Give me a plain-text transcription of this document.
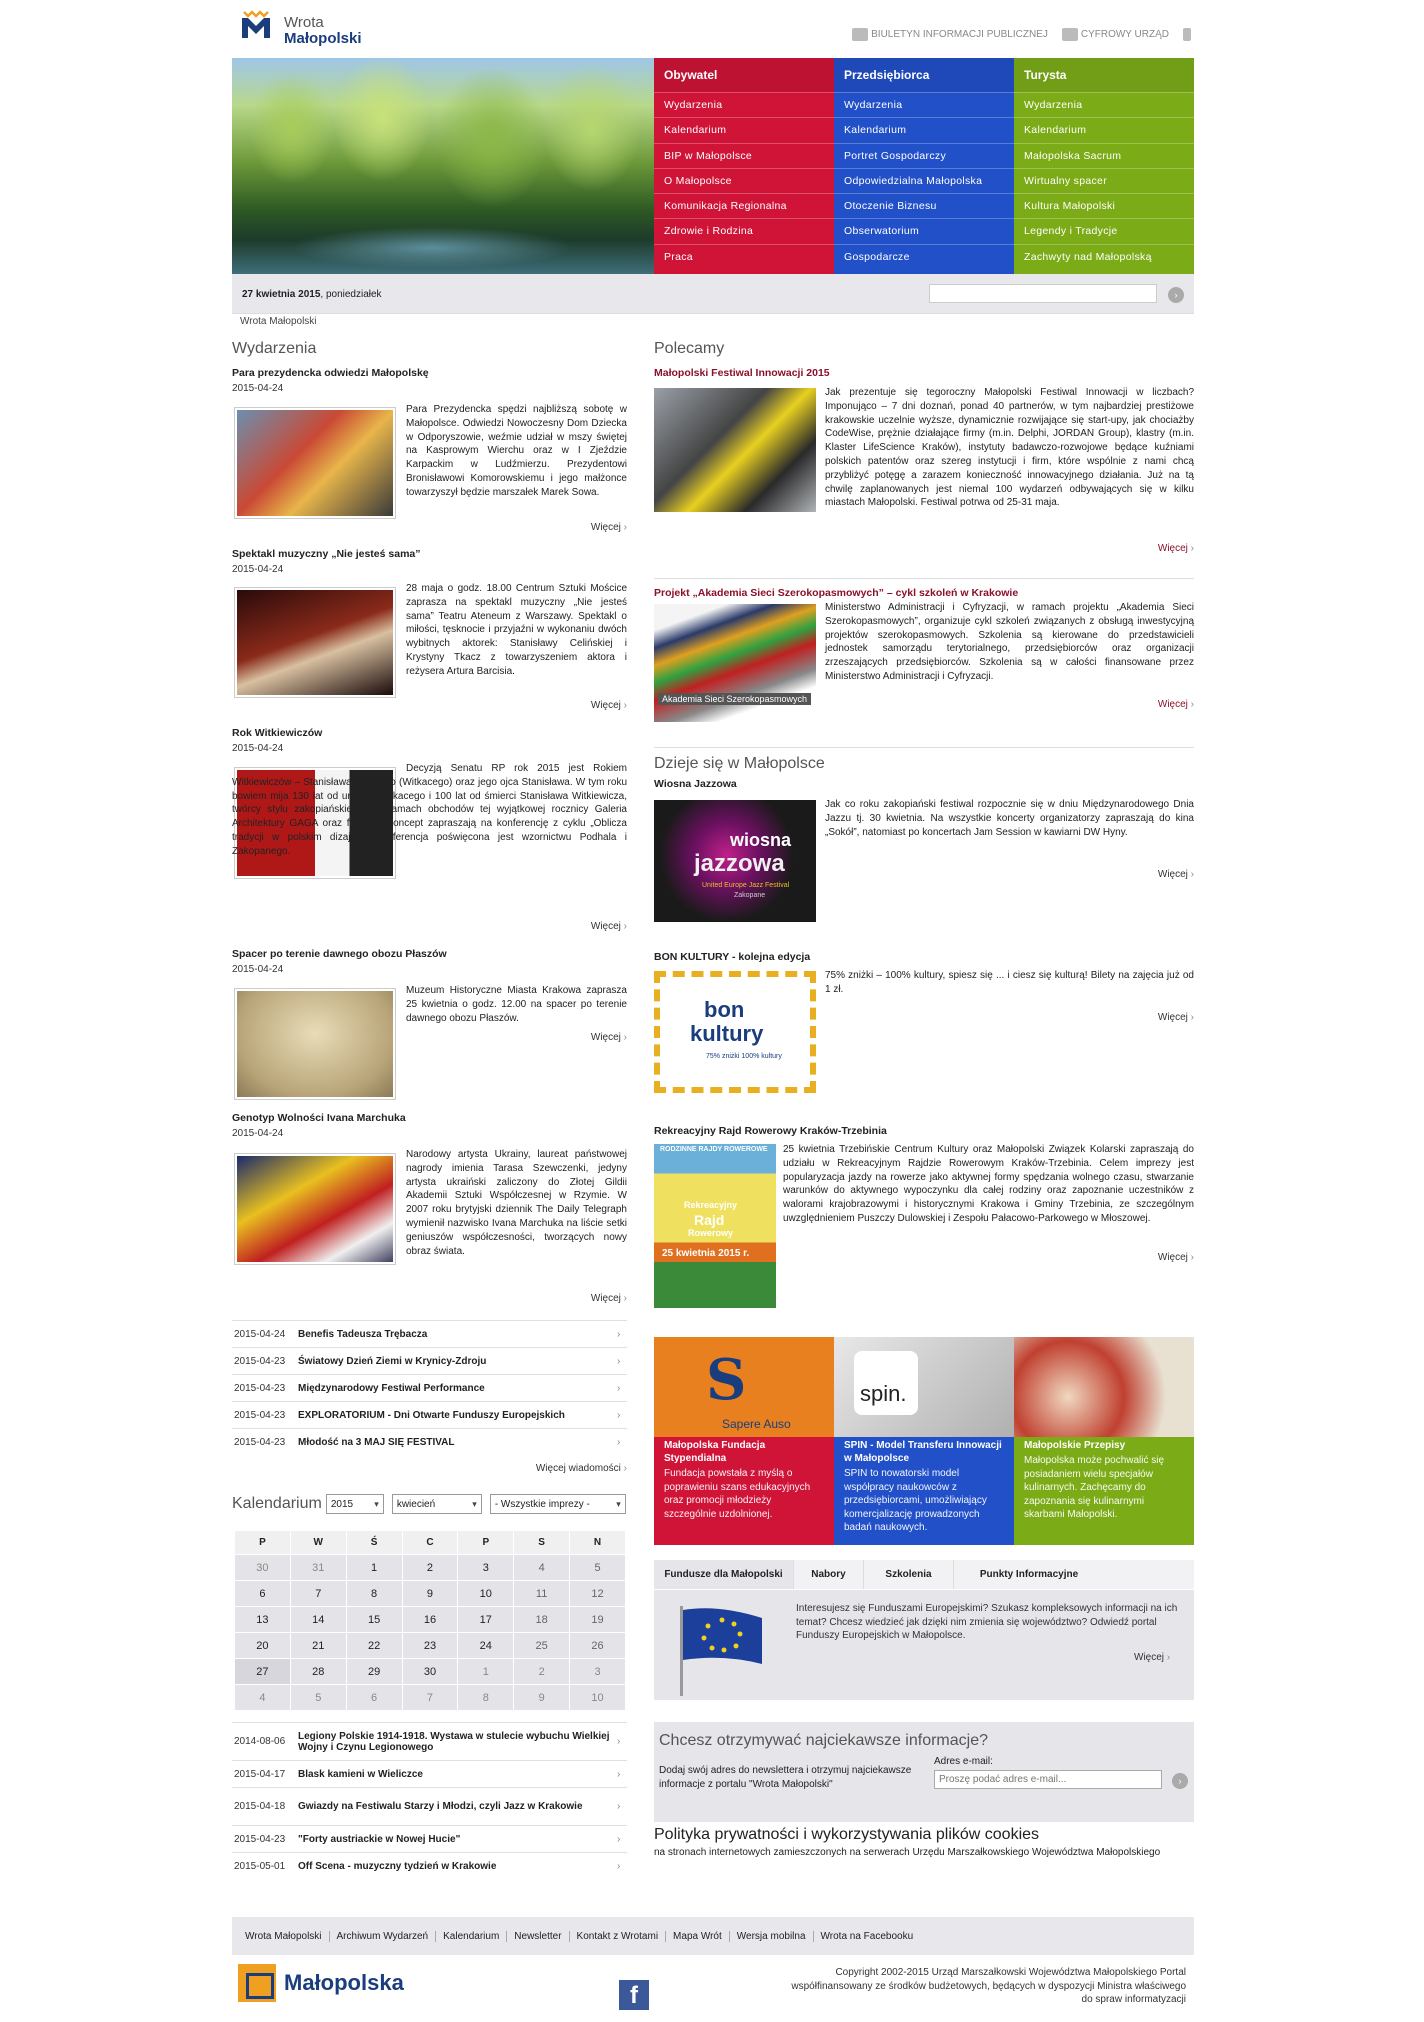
Wrota
Małopolski	BIULETYN INFORMACJI PUBLICZNEJ	CYFROWY URZĄD
Obywatel
Wydarzenia
Kalendarium
BIP w Małopolsce
O Małopolsce
Komunikacja Regionalna
Zdrowie i Rodzina
Praca
Przedsiębiorca
Wydarzenia
Kalendarium
Portret Gospodarczy
Odpowiedzialna Małopolska
Otoczenie Biznesu
Obserwatorium
Gospodarcze
Turysta
Wydarzenia
Kalendarium
Małopolska Sacrum
Wirtualny spacer
Kultura Małopolski
Legendy i Tradycje
Zachwyty nad Małopolską
27 kwietnia 2015, poniedziałek	›
Wrota Małopolski
Wydarzenia
Para prezydencka odwiedzi Małopolskę
2015-04-24
Para Prezydencka spędzi najbliższą sobotę w Małopolsce. Odwiedzi Nowoczesny Dom Dziecka w Odporyszowie, weźmie udział w mszy świętej na Kasprowym Wierchu oraz w I Zjeździe Karpackim w Ludźmierzu. Prezydentowi Bronisławowi Komorowskiemu i jego małżonce towarzyszył będzie marszałek Marek Sowa.
Więcej ›
Spektakl muzyczny „Nie jesteś sama”
2015-04-24
28 maja o godz. 18.00 Centrum Sztuki Mościce zaprasza na spektakl muzyczny „Nie jesteś sama” Teatru Ateneum z Warszawy. Spektakl o miłości, tęsknocie i przyjaźni w wykonaniu dwóch wybitnych aktorek: Stanisławy Celińskiej i Krystyny Tkacz z towarzyszeniem aktora i reżysera Artura Barcisia.
Więcej ›
Rok Witkiewiczów
2015-04-24
Decyzją Senatu RP rok 2015 jest Rokiem Witkiewiczów – Stanisława Ignacego (Witkacego) oraz jego ojca Stanisława. W tym roku bowiem mija 130 lat od urodzin Witkacego i 100 lat od śmierci Stanisława Witkiewicza, twórcy stylu zakopiańskiego. W ramach obchodów tej wyjątkowej rocznicy Galeria Architektury GAGA oraz firma BoConcept zapraszają na konferencję z cyklu „Oblicza tradycji w polskim dizajnie. Konferencja poświęcona jest wzornictwu Podhala i Zakopanego.
Więcej ›
Spacer po terenie dawnego obozu Płaszów
2015-04-24
Muzeum Historyczne Miasta Krakowa zaprasza 25 kwietnia o godz. 12.00 na spacer po terenie dawnego obozu Płaszów.
Więcej ›
Genotyp Wolności Ivana Marchuka
2015-04-24
Narodowy artysta Ukrainy, laureat państwowej nagrody imienia Tarasa Szewczenki, jedyny artysta ukraiński zaliczony do Złotej Gildii Akademii Sztuki Współczesnej w Rzymie. W 2007 roku brytyjski dziennik The Daily Telegraph wymienił nazwisko Ivana Marchuka na liście setki geniuszów współczesności, tworzących nowy obraz świata.
Więcej ›
2015-04-24	Benefis Tadeusza Trębacza	›
2015-04-23	Światowy Dzień Ziemi w Krynicy-Zdroju	›
2015-04-23	Międzynarodowy Festiwal Performance	›
2015-04-23	EXPLORATORIUM - Dni Otwarte Funduszy Europejskich	›
2015-04-23	Młodość na 3 MAJ SIĘ FESTIVAL	›
Więcej wiadomości ›
Kalendarium 2015
▾	kwiecień
▾	- Wszystkie imprezy -
▾
P	W	Ś	C	P	S	N
30	31	1	2	3	4	5
6	7	8	9	10	11	12
13	14	15	16	17	18	19
20	21	22	23	24	25	26
27	28	29	30	1	2	3
4	5	6	7	8	9	10
2014-08-06	Legiony Polskie 1914-1918. Wystawa w stulecie wybuchu Wielkiej Wojny i Czynu Legionowego	›
2015-04-17	Blask kamieni w Wieliczce	›
2015-04-18	Gwiazdy na Festiwalu Starzy i Młodzi, czyli Jazz w Krakowie	›
2015-04-23	"Forty austriackie w Nowej Hucie"	›
2015-05-01	Off Scena - muzyczny tydzień w Krakowie	›
Polecamy
Małopolski Festiwal Innowacji 2015
Jak prezentuje się tegoroczny Małopolski Festiwal Innowacji w liczbach? Imponująco – 7 dni doznań, ponad 40 partnerów, w tym najbardziej prestiżowe krakowskie uczelnie wyższe, dynamicznie rozwijające się start-upy, jak chociażby CodeWise, prężnie działające firmy (m.in. Delphi, JORDAN Group), klastry (m.in. Klaster LifeScience Kraków), instytuty badawczo-rozwojowe będące kuźniami polskich patentów oraz szereg instytucji i firm, które wspólnie z nami chcą przybliżyć potęgę a zarazem konieczność innowacyjnego działania. Już na tą chwilę zaplanowanych jest niemal 100 wydarzeń odbywających się w kilku miastach Małopolski. Festiwal potrwa od 25-31 maja.
Więcej ›
Projekt „Akademia Sieci Szerokopasmowych” – cykl szkoleń w Krakowie
Akademia Sieci Szerokopasmowych
Ministerstwo Administracji i Cyfryzacji, w ramach projektu „Akademia Sieci Szerokopasmowych”, organizuje cykl szkoleń związanych z obsługą inwestycyjną projektów szerokopasmowych. Szkolenia są kierowane do przedstawicieli jednostek samorządu terytorialnego, przedsiębiorców oraz organizacji zrzeszających przedsiębiorców. Szkolenia są w całości finansowane przez Ministerstwo Administracji i Cyfryzacji.
Więcej ›
Dzieje się w Małopolsce
Wiosna Jazzowa
wiosna
jazzowa
United Europe Jazz Festival
Zakopane
Jak co roku zakopiański festiwal rozpocznie się w dniu Międzynarodowego Dnia Jazzu tj. 30 kwietnia. Na wszystkie koncerty organizatorzy zapraszają do kina „Sokół”, natomiast po koncertach Jam Session w kawiarni DW Hyny.
Więcej ›
BON KULTURY - kolejna edycja
bon
kultury
75% zniżki 100% kultury
75% zniżki – 100% kultury, spiesz się ... i ciesz się kulturą! Bilety na zajęcia już od 1 zł.
Więcej ›
Rekreacyjny Rajd Rowerowy Kraków-Trzebinia
RODZINNE RAJDY ROWEROWE
Rekreacyjny
Rajd
Rowerowy
25 kwietnia 2015 r.
25 kwietnia Trzebińskie Centrum Kultury oraz Małopolski Związek Kolarski zapraszają do udziału w Rekreacyjnym Rajdzie Rowerowym Kraków-Trzebinia. Celem imprezy jest popularyzacja jazdy na rowerze jako aktywnej formy spędzania wolnego czasu, stwarzanie warunków do aktywnego wypoczynku dla całej rodziny oraz zapoznanie uczestników z walorami krajobrazowymi i historycznymi Krakowa i Gminy Trzebinia, ze szczególnym uwzględnieniem Puszczy Dulowskiej i Zespołu Pałacowo-Parkowego w Młoszowej.
Więcej ›
S
Sapere Auso
Małopolska Fundacja Stypendialna

Fundacja powstała z myślą o poprawieniu szans edukacyjnych oraz promocji młodzieży szczególnie uzdolnionej.

spin.
SPIN - Model Transferu Innowacji w Małopolsce

SPIN to nowatorski model współpracy naukowców z przedsiębiorcami, umożliwiający komercjalizację prowadzonych badań naukowych.

Małopolskie Przepisy

Małopolska może pochwalić się posiadaniem wielu specjałów kulinarnych. Zachęcamy do zapoznania się kulinarnymi skarbami Małopolski.

Fundusze dla Małopolski	Nabory	Szkolenia	Punkty Informacyjne
Interesujesz się Funduszami Europejskimi? Szukasz kompleksowych informacji na ich temat? Chcesz wiedzieć jak dzięki nim zmienia się województwo? Odwiedź portal Funduszy Europejskich w Małopolsce.
Więcej ›
Chcesz otrzymywać najciekawsze informacje?
Dodaj swój adres do newslettera i otrzymuj najciekawsze informacje z portalu "Wrota Małopolski"
Adres e-mail:
Proszę podać adres e-mail...
›
Polityka prywatności i wykorzystywania plików cookies

na stronach internetowych zamieszczonych na serwerach Urzędu Marszałkowskiego Województwa Małopolskiego

Wrota Małopolski	Archiwum Wydarzeń	Kalendarium	Newsletter	Kontakt z Wrotami	Mapa Wrót	Wersja mobilna	Wrota na Facebooku
Małopolska	f
Copyright 2002-2015 Urząd Marszałkowski Województwa Małopolskiego Portal współfinansowany ze środków budżetowych, będących w dyspozycji Ministra właściwego do spraw informatyzacji
